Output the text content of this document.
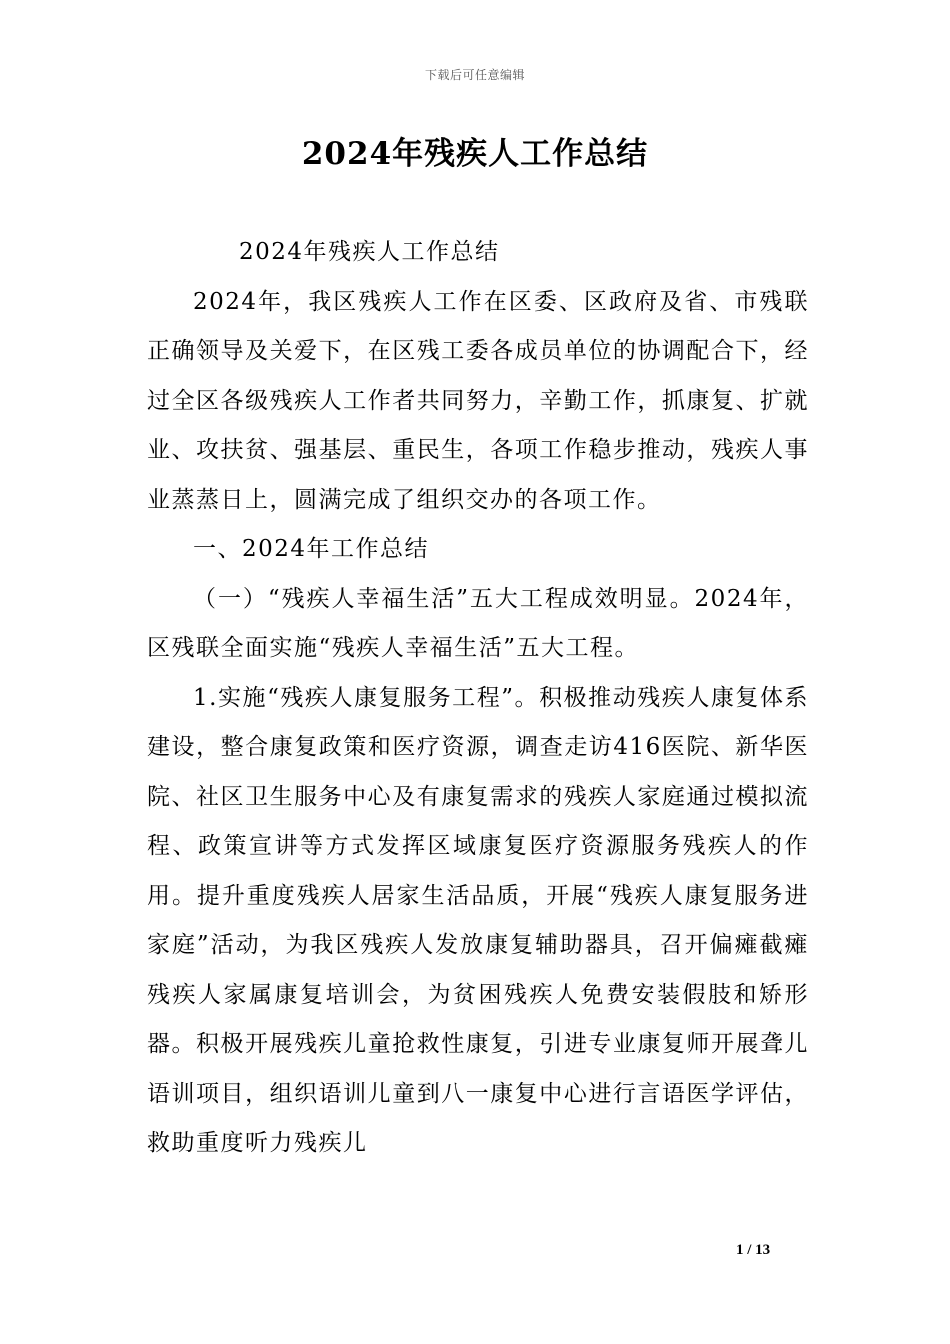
下载后可任意编辑
2024年残疾人工作总结

2024年残疾人工作总结

2024年，我区残疾人工作在区委、区政府及省、市残联正确领导及关爱下，在区残工委各成员单位的协调配合下，经过全区各级残疾人工作者共同努力，辛勤工作，抓康复、扩就业、攻扶贫、强基层、重民生，各项工作稳步推动，残疾人事业蒸蒸日上，圆满完成了组织交办的各项工作。

一、2024年工作总结

（一）“残疾人幸福生活”五大工程成效明显。2024年，区残联全面实施“残疾人幸福生活”五大工程。

1.实施“残疾人康复服务工程”。积极推动残疾人康复体系建设，整合康复政策和医疗资源，调查走访416医院、新华医院、社区卫生服务中心及有康复需求的残疾人家庭通过模拟流程、政策宣讲等方式发挥区域康复医疗资源服务残疾人的作用。提升重度残疾人居家生活品质，开展“残疾人康复服务进家庭”活动，为我区残疾人发放康复辅助器具，召开偏瘫截瘫残疾人家属康复培训会，为贫困残疾人免费安装假肢和矫形器。积极开展残疾儿童抢救性康复，引进专业康复师开展聋儿语训项目，组织语训儿童到八一康复中心进行言语医学评估，救助重度听力残疾儿

1 / 13
